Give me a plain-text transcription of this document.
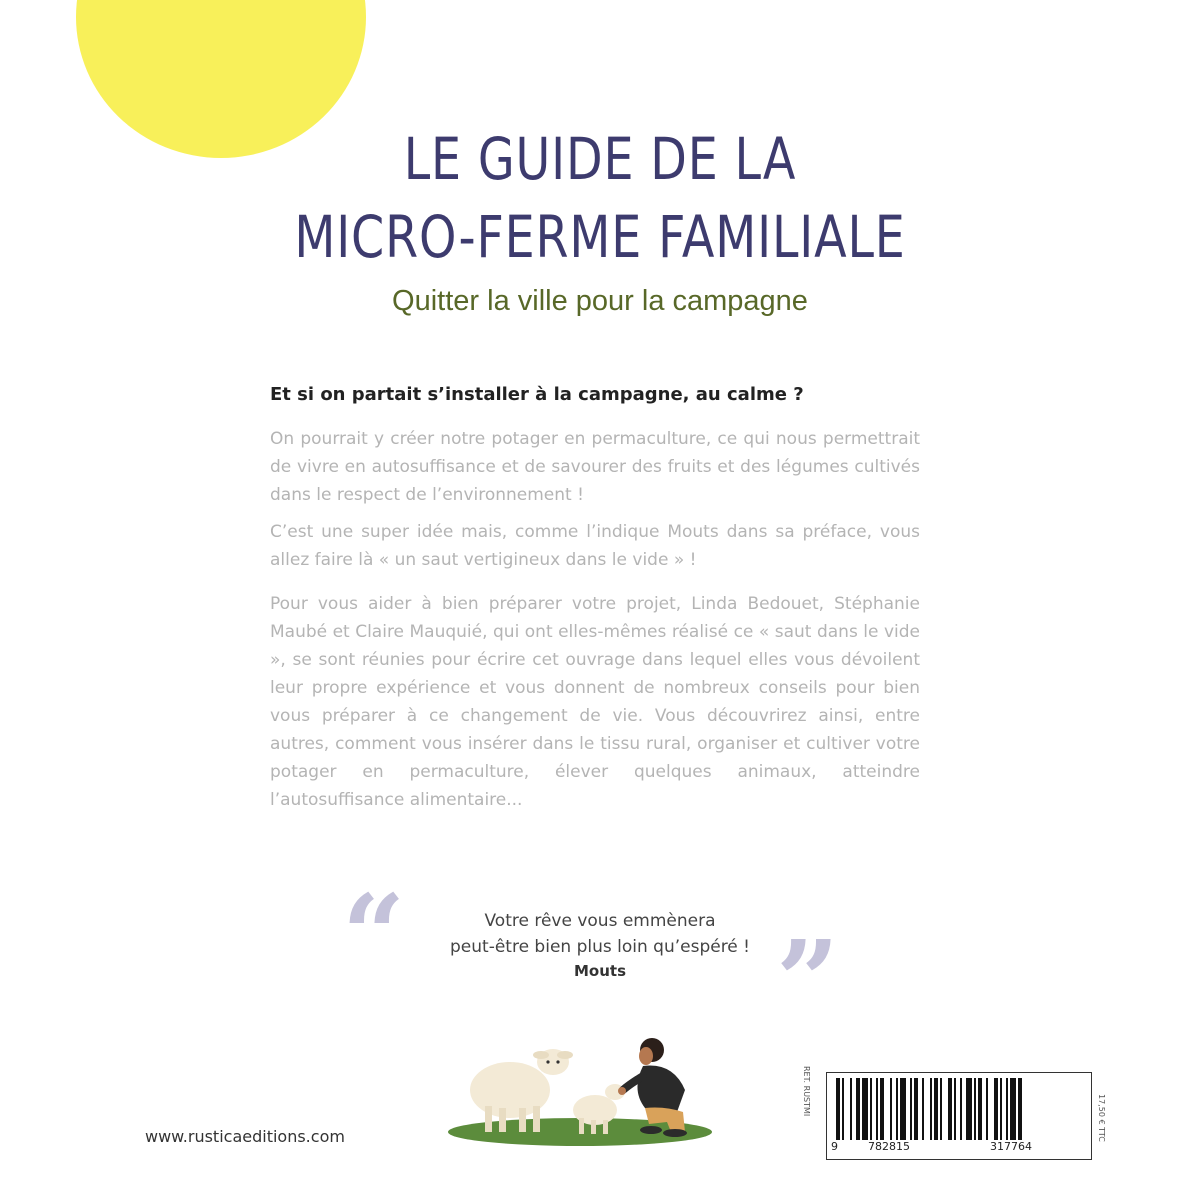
LE GUIDE DE LA
MICRO-FERME FAMILIALE
Quitter la ville pour la campagne
Et si on partait s’installer à la campagne, au calme ?
On pourrait y créer notre potager en permaculture, ce qui nous permettrait de vivre en autosuffisance et de savourer des fruits et des légumes cultivés dans le respect de l’environnement !
C’est une super idée mais, comme l’indique Mouts dans sa préface, vous allez faire là « un saut vertigineux dans le vide » !
Pour vous aider à bien préparer votre projet, Linda Bedouet, Stéphanie Maubé et Claire Mauquié, qui ont elles-mêmes réalisé ce « saut dans le vide », se sont réunies pour écrire cet ouvrage dans lequel elles vous dévoilent leur propre expérience et vous donnent de nombreux conseils pour bien vous préparer à ce changement de vie. Vous découvrirez ainsi, entre autres, comment vous insérer dans le tissu rural, organiser et cultiver votre potager en permaculture, élever quelques animaux, atteindre l’autosuffisance alimentaire...
“	Votre rêve vous emmènera
peut-être bien plus loin qu’espéré !
Mouts	”
www.rusticaeditions.com
RET. RUSTMI
9	782815	317764
17,50 € TTC
